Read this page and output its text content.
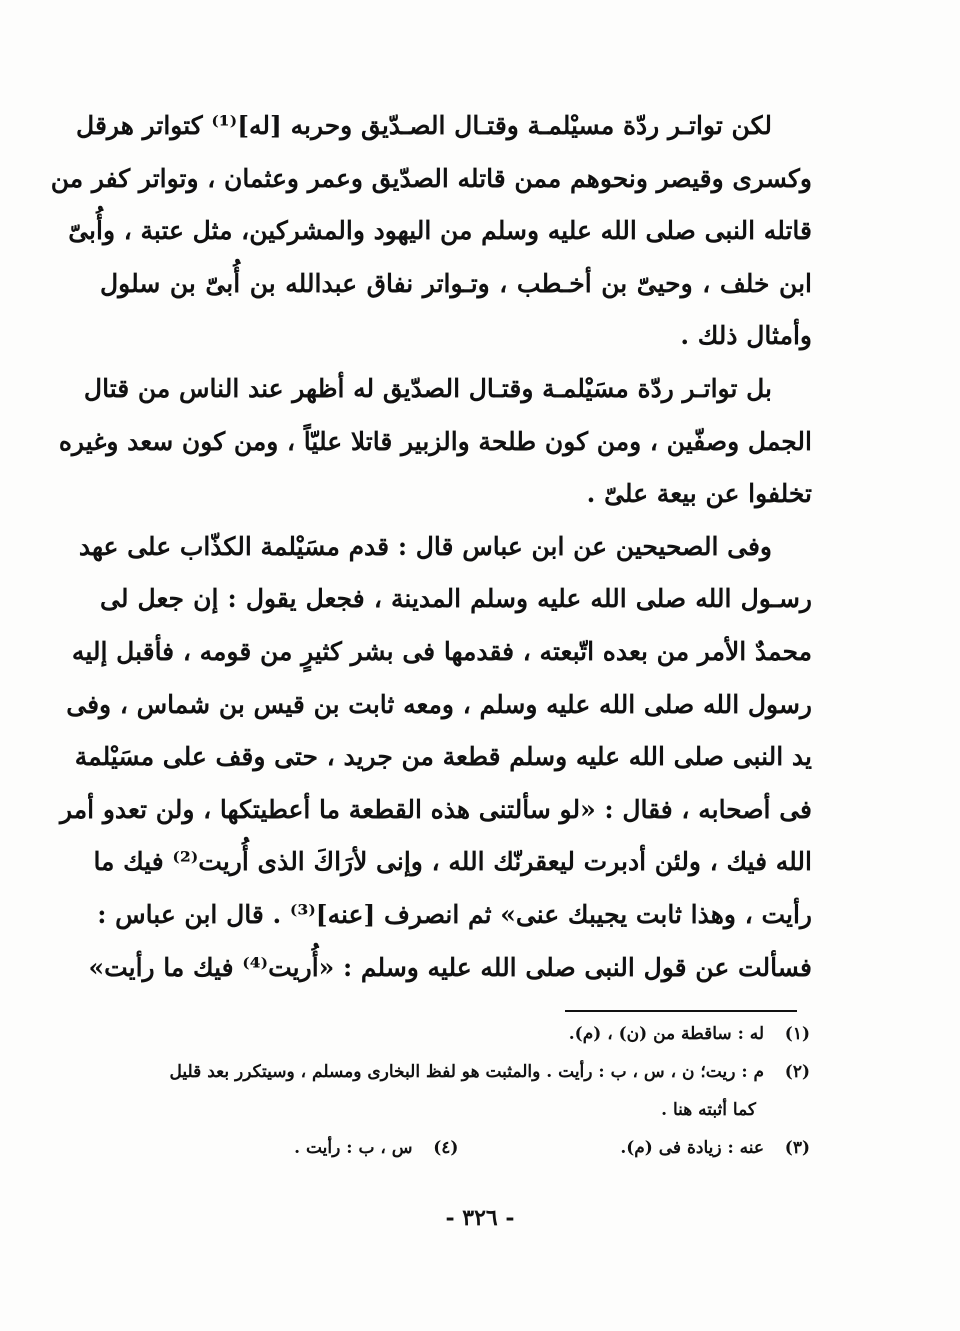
لكن تواتـر ردّة مسيْلمـة وقتـال الصـدّيق وحربه [له]⁽¹⁾ كتواتر هرقل
وكسرى وقيصر ونحوهم ممن قاتله الصدّيق وعمر وعثمان ، وتواتر كفر من
قاتله النبى صلى الله عليه وسلم من اليهود والمشركين، مثل عتبة ، وأُبىّ
ابن خلف ، وحيىّ بن أخـطب ، وتـواتر نفاق عبدالله بن أُبىّ بن سلول
وأمثال ذلك .
بل تواتـر ردّة مسَيْلمـة وقتـال الصدّيق له أظهر عند الناس من قتال
الجمل وصفّين ، ومن كون طلحة والزبير قاتلا عليّاً ، ومن كون سعد وغيره
تخلفوا عن بيعة علىّ .
وفى الصحيحين عن ابن عباس قال : قدم مسَيْلمة الكذّاب على عهد
رسـول الله صلى الله عليه وسلم المدينة ، فجعل يقول : إن جعل لى
محمدٌ الأمر من بعده اتّبعته ، فقدمها فى بشر كثيرٍ من قومه ، فأقبل إليه
رسول الله صلى الله عليه وسلم ، ومعه ثابت بن قيس بن شماس ، وفى
يد النبى صلى الله عليه وسلم قطعة من جريد ، حتى وقف على مسَيْلمة
فى أصحابه ، فقال : «لو سألتنى هذه القطعة ما أعطيتكها ، ولن تعدو أمر
الله فيك ، ولئن أدبرت ليعقرنّك الله ، وإنى لأرَاكَ الذى أُريت⁽²⁾ فيك ما
رأيت ، وهذا ثابت يجيبك عنى» ثم انصرف [عنه]⁽³⁾ . قال ابن عباس :
فسألت عن قول النبى صلى الله عليه وسلم : «أُريت⁽⁴⁾ فيك ما رأيت»
(١) له : ساقطة من (ن) ، (م).
(٢) م : ريت؛ ن ، س ، ب : رأيت . والمثبت هو لفظ البخارى ومسلم ، وسيتكرر بعد قليل
كما أثبته هنا .
(٣) عنه : زيادة فى (م).  (٤) س ، ب : رأيت .
- ٣٢٦ -
